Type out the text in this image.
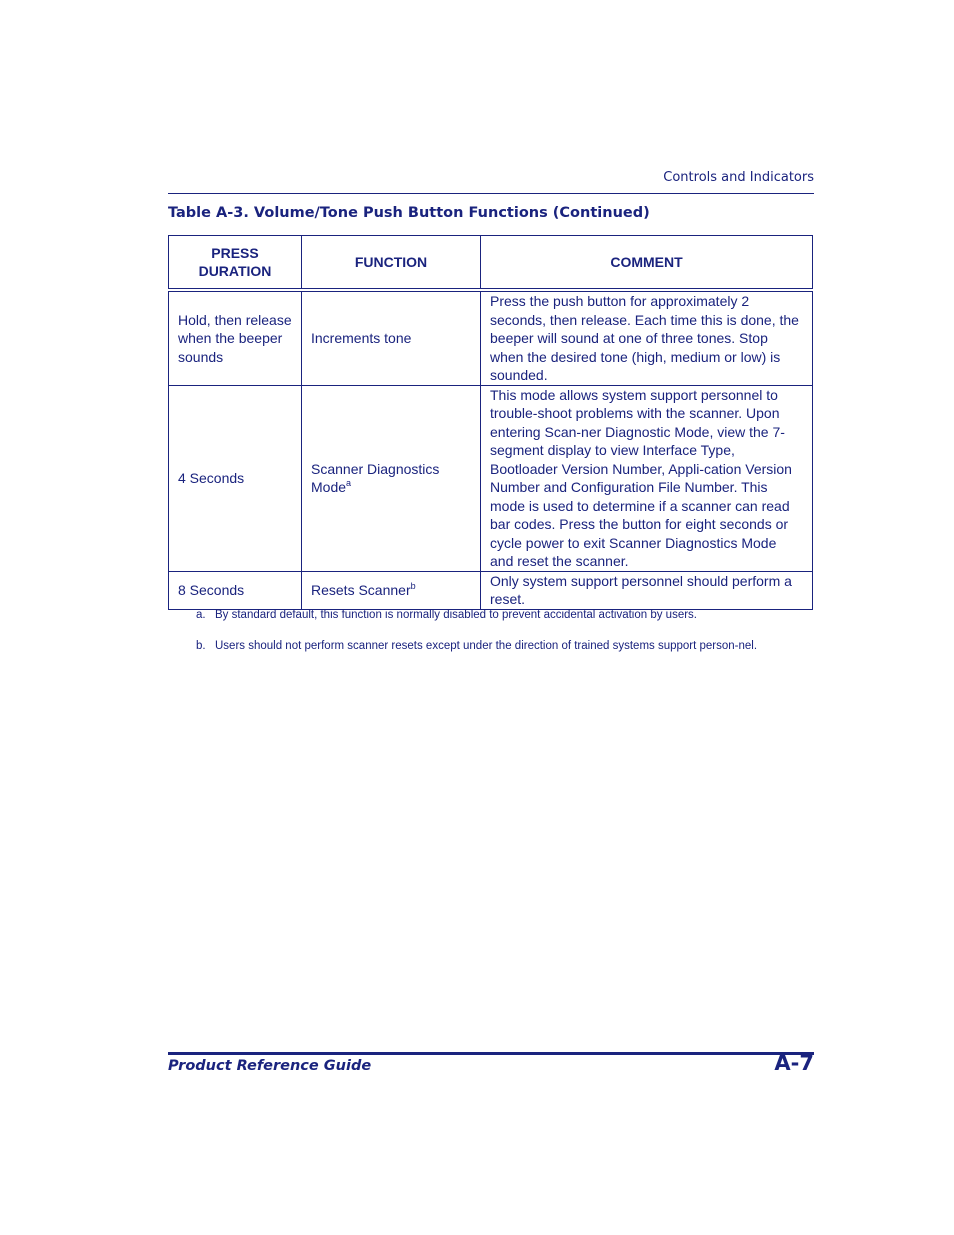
Controls and Indicators
Table A-3. Volume/Tone Push Button Functions (Continued)
PRESS DURATION	FUNCTION	COMMENT
Hold, then release when the beeper sounds	Increments tone	Press the push button for approximately 2 seconds, then release. Each time this is done, the beeper will sound at one of three tones. Stop when the desired tone (high, medium or low) is sounded.
4 Seconds	Scanner Diagnostics Mode$^a$	This mode allows system support personnel to trouble-shoot problems with the scanner. Upon entering Scan-ner Diagnostic Mode, view the 7-segment display to view Interface Type, Bootloader Version Number, Appli-cation Version Number and Configuration File Number. This mode is used to determine if a scanner can read bar codes. Press the button for eight seconds or cycle power to exit Scanner Diagnostics Mode and reset the scanner.
8 Seconds	Resets Scanner$^b$	Only system support personnel should perform a reset.
a. By standard default, this function is normally disabled to prevent accidental activation by users.
b. Users should not perform scanner resets except under the direction of trained systems support person-nel.
Product Reference Guide	A-7
